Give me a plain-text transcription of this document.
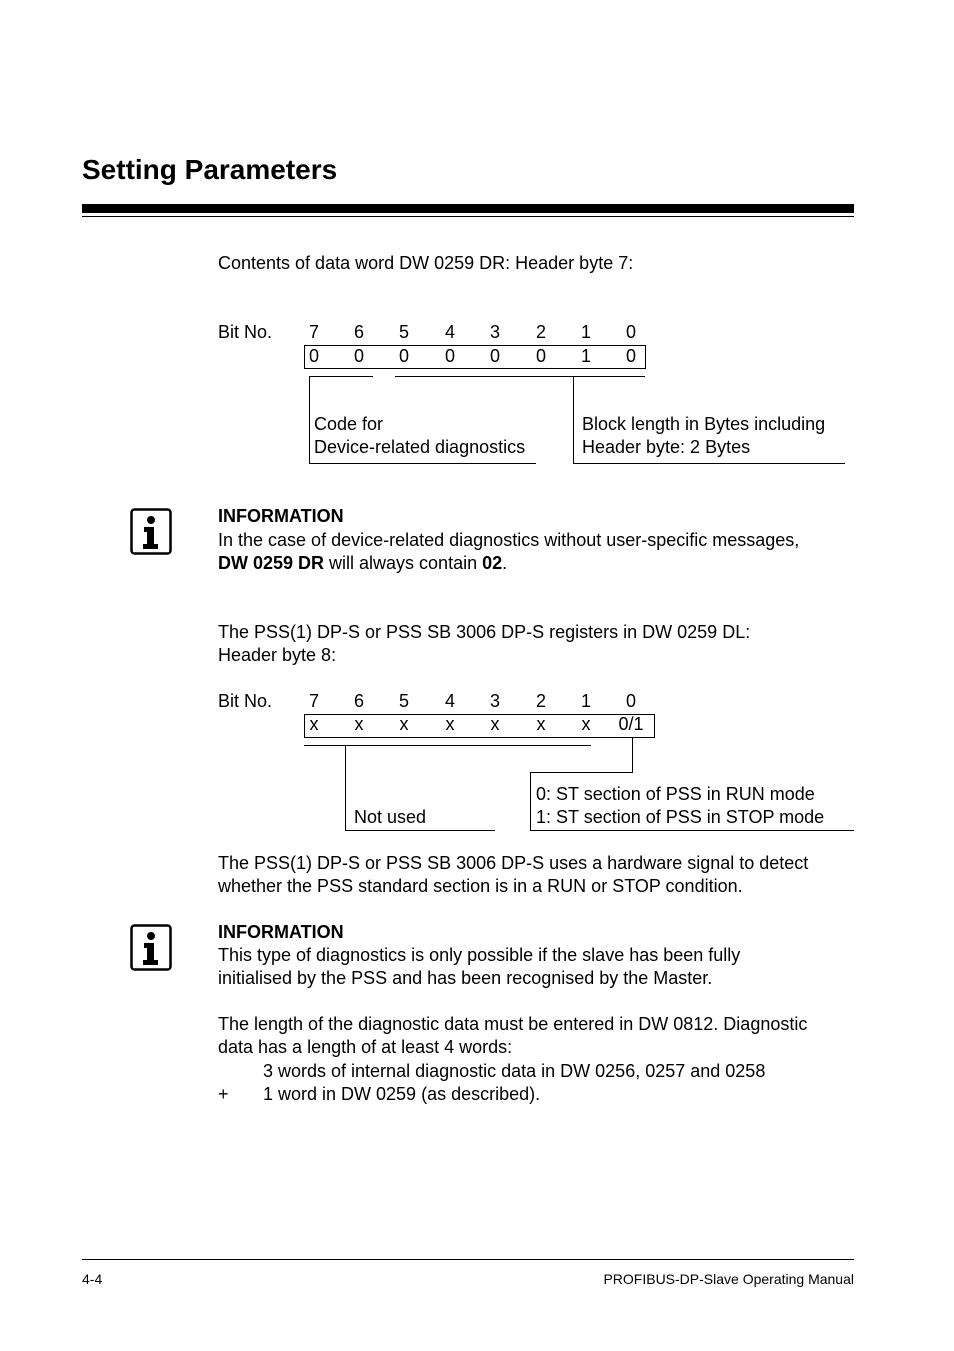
Setting Parameters
Contents of data word DW 0259 DR: Header byte 7:
Bit No.	7	6	5	4	3	2	1	0
0	0	0	0	0	0	1	0
Code for
Device-related diagnostics
Block length in Bytes including
Header byte: 2 Bytes
INFORMATION
In the case of device-related diagnostics without user-specific messages,
DW 0259 DR will always contain 02.
The PSS(1) DP-S or PSS SB 3006 DP-S registers in DW 0259 DL:
Header byte 8:
Bit No.	7	6	5	4	3	2	1	0
x	x	x	x	x	x	x	0/1
Not used
0: ST section of PSS in RUN mode
1: ST section of PSS in STOP mode
The PSS(1) DP-S or PSS SB 3006 DP-S uses a hardware signal to detect
whether the PSS standard section is in a RUN or STOP condition.
INFORMATION
This type of diagnostics is only possible if the slave has been fully
initialised by the PSS and has been recognised by the Master.
The length of the diagnostic data must be entered in DW 0812. Diagnostic
data has a length of at least 4 words:
3 words of internal diagnostic data in DW 0256, 0257 and 0258
+ 1 word in DW 0259 (as described).
4-4	PROFIBUS-DP-Slave Operating Manual
